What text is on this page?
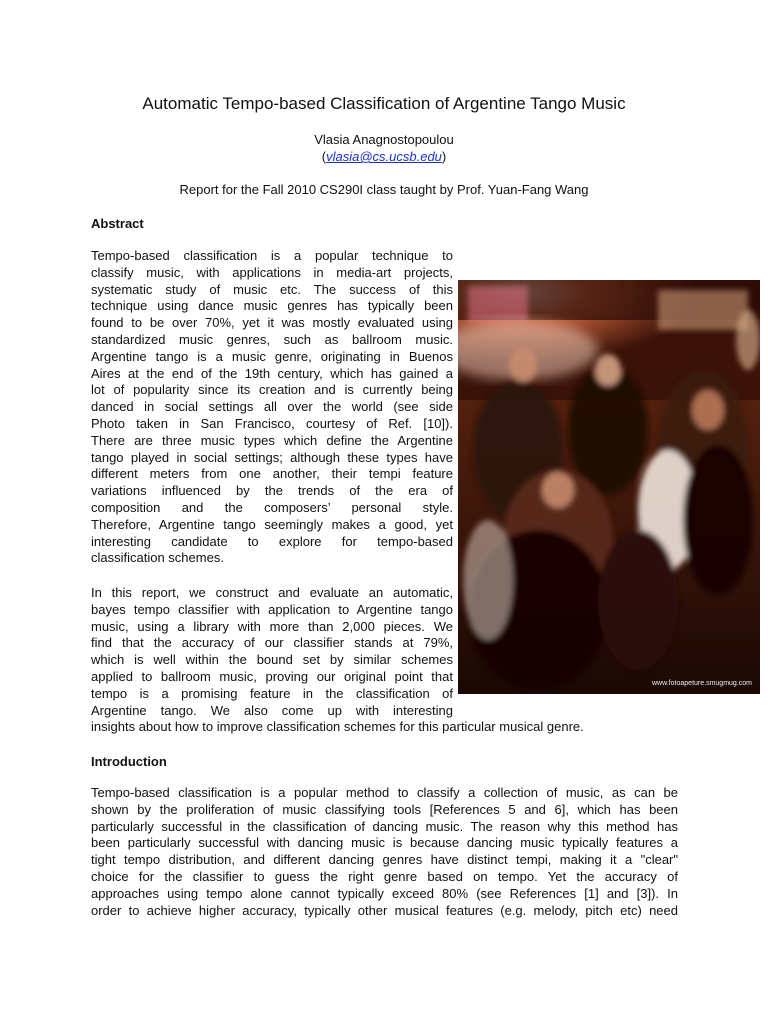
Automatic Tempo-based Classification of Argentine Tango Music
Vlasia Anagnostopoulou
(vlasia@cs.ucsb.edu)
Report for the Fall 2010 CS290I class taught by Prof. Yuan-Fang Wang
Abstract
Tempo-based classification is a popular technique to
classify music, with applications in media-art projects,
systematic study of music etc. The success of this
technique using dance music genres has typically been
found to be over 70%, yet it was mostly evaluated using
standardized music genres, such as ballroom music.
Argentine tango is a music genre, originating in Buenos
Aires at the end of the 19th century, which has gained a
lot of popularity since its creation and is currently being
danced in social settings all over the world (see side
Photo taken in San Francisco, courtesy of Ref. [10]).
There are three music types which define the Argentine
tango played in social settings; although these types have
different meters from one another, their tempi feature
variations influenced by the trends of the era of
composition and the composers’ personal style.
Therefore, Argentine tango seemingly makes a good, yet
interesting candidate to explore for tempo-based
classification schemes.
In this report, we construct and evaluate an automatic,
bayes tempo classifier with application to Argentine tango
music, using a library with more than 2,000 pieces. We
find that the accuracy of our classifier stands at 79%,
which is well within the bound set by similar schemes
applied to ballroom music, proving our original point that
tempo is a promising feature in the classification of
Argentine tango. We also come up with interesting
insights about how to improve classification schemes for this particular musical genre.
www.fotoapeture.smugmug.com
Introduction
Tempo-based classification is a popular method to classify a collection of music, as can be
shown by the proliferation of music classifying tools [References 5 and 6], which has been
particularly successful in the classification of dancing music. The reason why this method has
been particularly successful with dancing music is because dancing music typically features a
tight tempo distribution, and different dancing genres have distinct tempi, making it a "clear"
choice for the classifier to guess the right genre based on tempo. Yet the accuracy of
approaches using tempo alone cannot typically exceed 80% (see References [1] and [3]). In
order to achieve higher accuracy, typically other musical features (e.g. melody, pitch etc) need
